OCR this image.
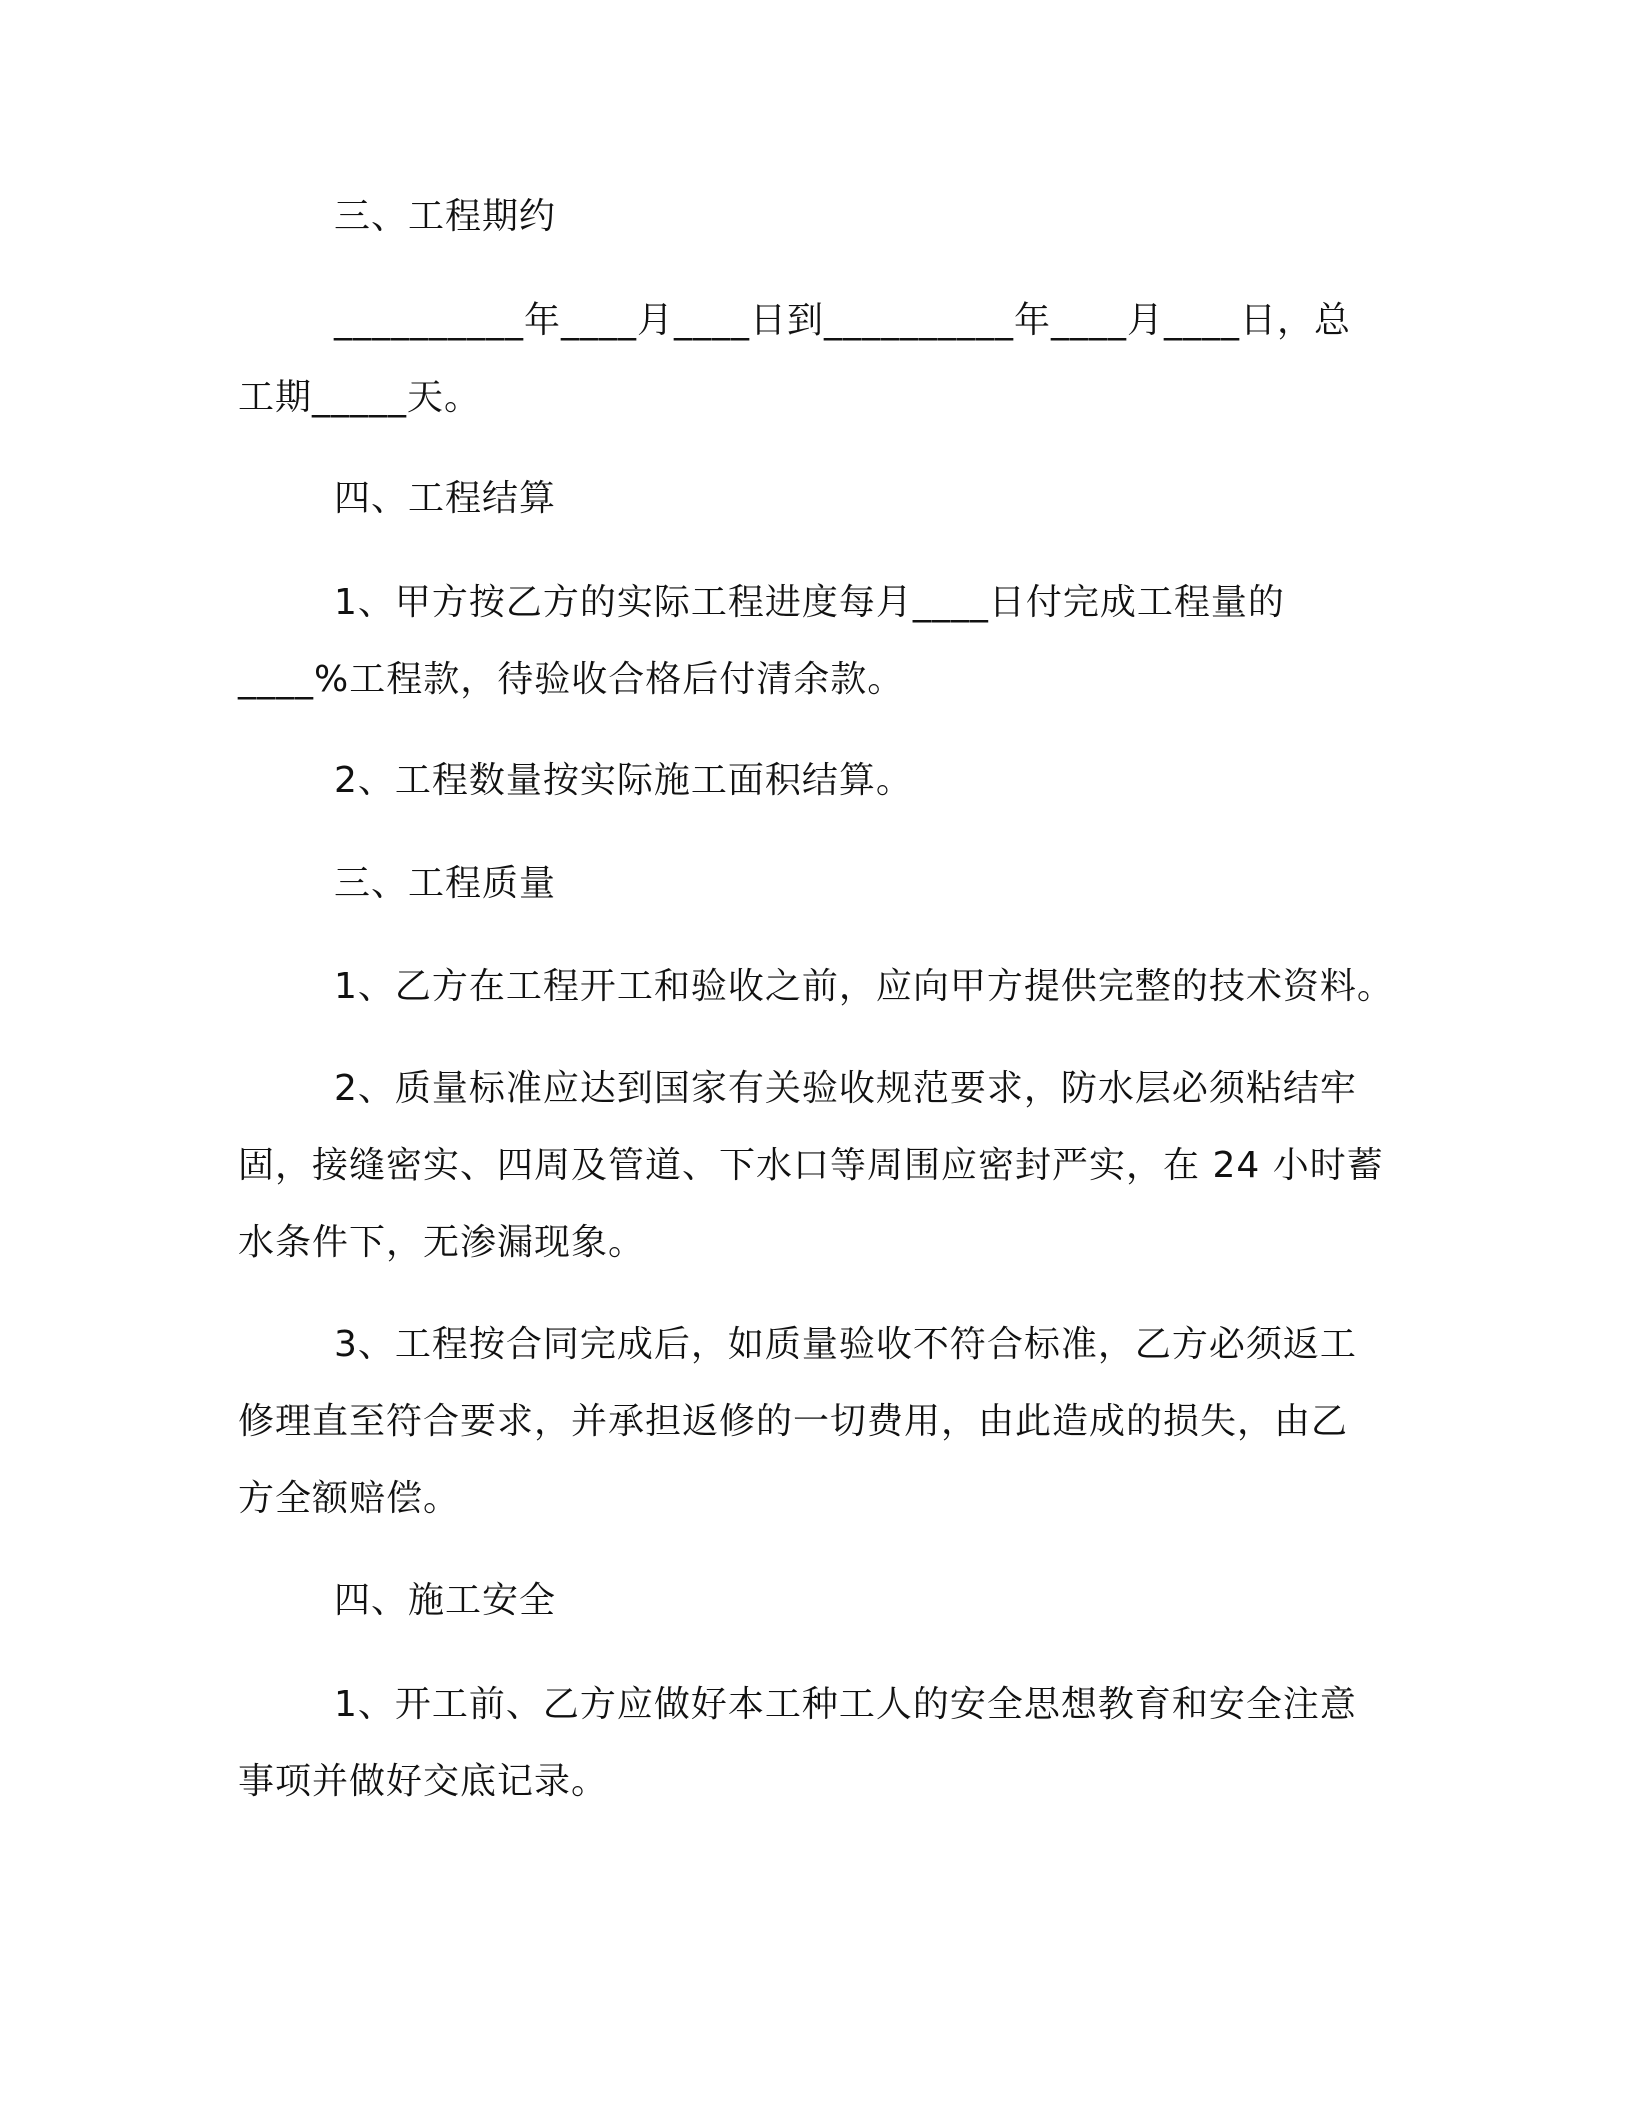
三、工程期约

__________年____月____日到__________年____月____日，总
工期_____天。

四、工程结算

1、甲方按乙方的实际工程进度每月____日付完成工程量的
____%工程款，待验收合格后付清余款。

2、工程数量按实际施工面积结算。

三、工程质量

1、乙方在工程开工和验收之前，应向甲方提供完整的技术资料。

2、质量标准应达到国家有关验收规范要求，防水层必须粘结牢
固，接缝密实、四周及管道、下水口等周围应密封严实，在 24 小时蓄
水条件下，无渗漏现象。

3、工程按合同完成后，如质量验收不符合标准，乙方必须返工
修理直至符合要求，并承担返修的一切费用，由此造成的损失，由乙
方全额赔偿。

四、施工安全

1、开工前、乙方应做好本工种工人的安全思想教育和安全注意
事项并做好交底记录。
